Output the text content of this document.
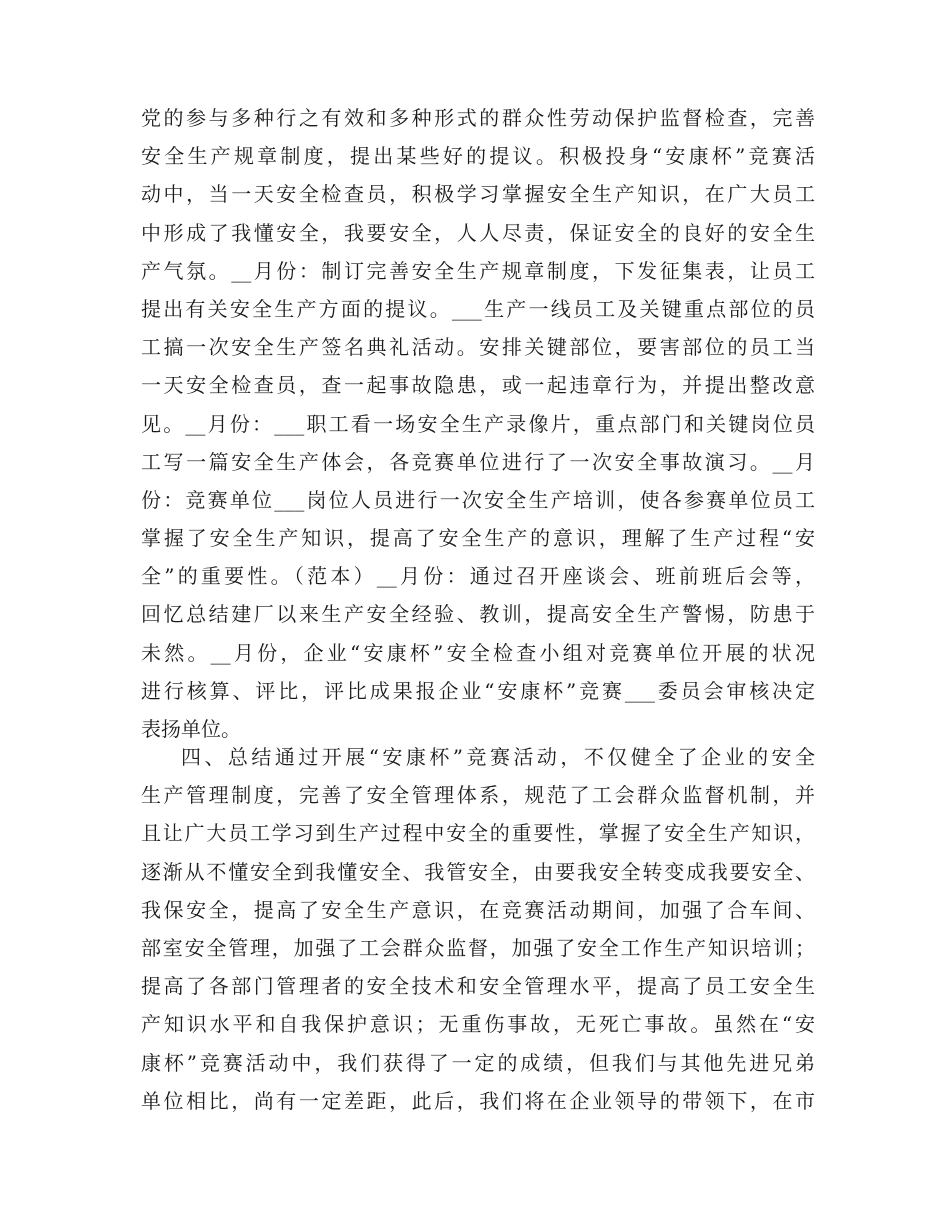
党的参与多种行之有效和多种形式的群众性劳动保护监督检查，完善
安全生产规章制度，提出某些好的提议。积极投身“安康杯”竞赛活
动中，当一天安全检查员，积极学习掌握安全生产知识，在广大员工
中形成了我懂安全，我要安全，人人尽责，保证安全的良好的安全生
产气氛。__月份：制订完善安全生产规章制度，下发征集表，让员工
提出有关安全生产方面的提议。___生产一线员工及关键重点部位的员
工搞一次安全生产签名典礼活动。安排关键部位，要害部位的员工当
一天安全检查员，查一起事故隐患，或一起违章行为，并提出整改意
见。__月份：___职工看一场安全生产录像片，重点部门和关键岗位员
工写一篇安全生产体会，各竞赛单位进行了一次安全事故演习。__月
份：竞赛单位___岗位人员进行一次安全生产培训，使各参赛单位员工
掌握了安全生产知识，提高了安全生产的意识，理解了生产过程“安
全”的重要性。（范本）__月份：通过召开座谈会、班前班后会等，
回忆总结建厂以来生产安全经验、教训，提高安全生产警惕，防患于
未然。__月份，企业“安康杯”安全检查小组对竞赛单位开展的状况
进行核算、评比，评比成果报企业“安康杯”竞赛___委员会审核决定
表扬单位。
四、总结通过开展“安康杯”竞赛活动，不仅健全了企业的安全
生产管理制度，完善了安全管理体系，规范了工会群众监督机制，并
且让广大员工学习到生产过程中安全的重要性，掌握了安全生产知识，
逐渐从不懂安全到我懂安全、我管安全，由要我安全转变成我要安全、
我保安全，提高了安全生产意识，在竞赛活动期间，加强了合车间、
部室安全管理，加强了工会群众监督，加强了安全工作生产知识培训；
提高了各部门管理者的安全技术和安全管理水平，提高了员工安全生
产知识水平和自我保护意识；无重伤事故，无死亡事故。虽然在“安
康杯”竞赛活动中，我们获得了一定的成绩，但我们与其他先进兄弟
单位相比，尚有一定差距，此后，我们将在企业领导的带领下，在市
